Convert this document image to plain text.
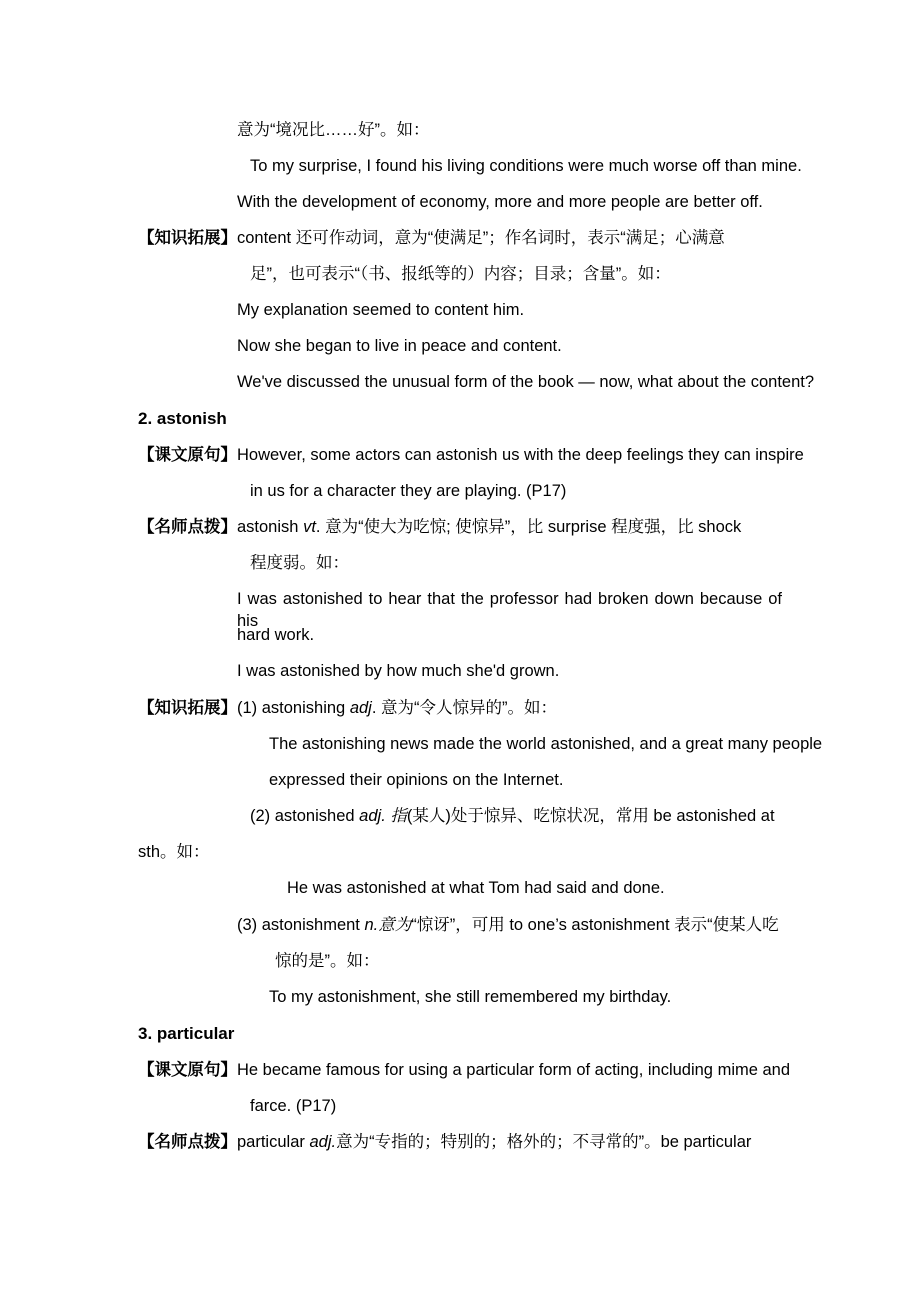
意为“境况比……好”。如：
To my surprise, I found his living conditions were much worse off than mine.
With the development of economy, more and more people are better off.
【知识拓展】content 还可作动词，意为“使满足”；作名词时，表示“满足；心满意
足”，也可表示“（书、报纸等的）内容；目录；含量”。如：
My explanation seemed to content him.
Now she began to live in peace and content.
We've discussed the unusual form of the book — now, what about the content?
2. astonish
【课文原句】However, some actors can astonish us with the deep feelings they can inspire
in us for a character they are playing. (P17)
【名师点拨】astonish vt. 意为“使大为吃惊; 使惊异”，比 surprise 程度强，比 shock
程度弱。如：
I was astonished to hear that the professor had broken down because of his
hard work.
I was astonished by how much she'd grown.
【知识拓展】(1) astonishing adj. 意为“令人惊异的”。如：
The astonishing news made the world astonished, and a great many people
expressed their opinions on the Internet.
(2) astonished adj. 指(某人)处于惊异、吃惊状况，常用 be astonished at
sth。如：
He was astonished at what Tom had said and done.
(3) astonishment n.意为“惊讶”，可用 to one’s astonishment 表示“使某人吃
惊的是”。如：
To my astonishment, she still remembered my birthday.
3. particular
【课文原句】He became famous for using a particular form of acting, including mime and
farce. (P17)
【名师点拨】particular adj.意为“专指的；特别的；格外的；不寻常的”。be particular
